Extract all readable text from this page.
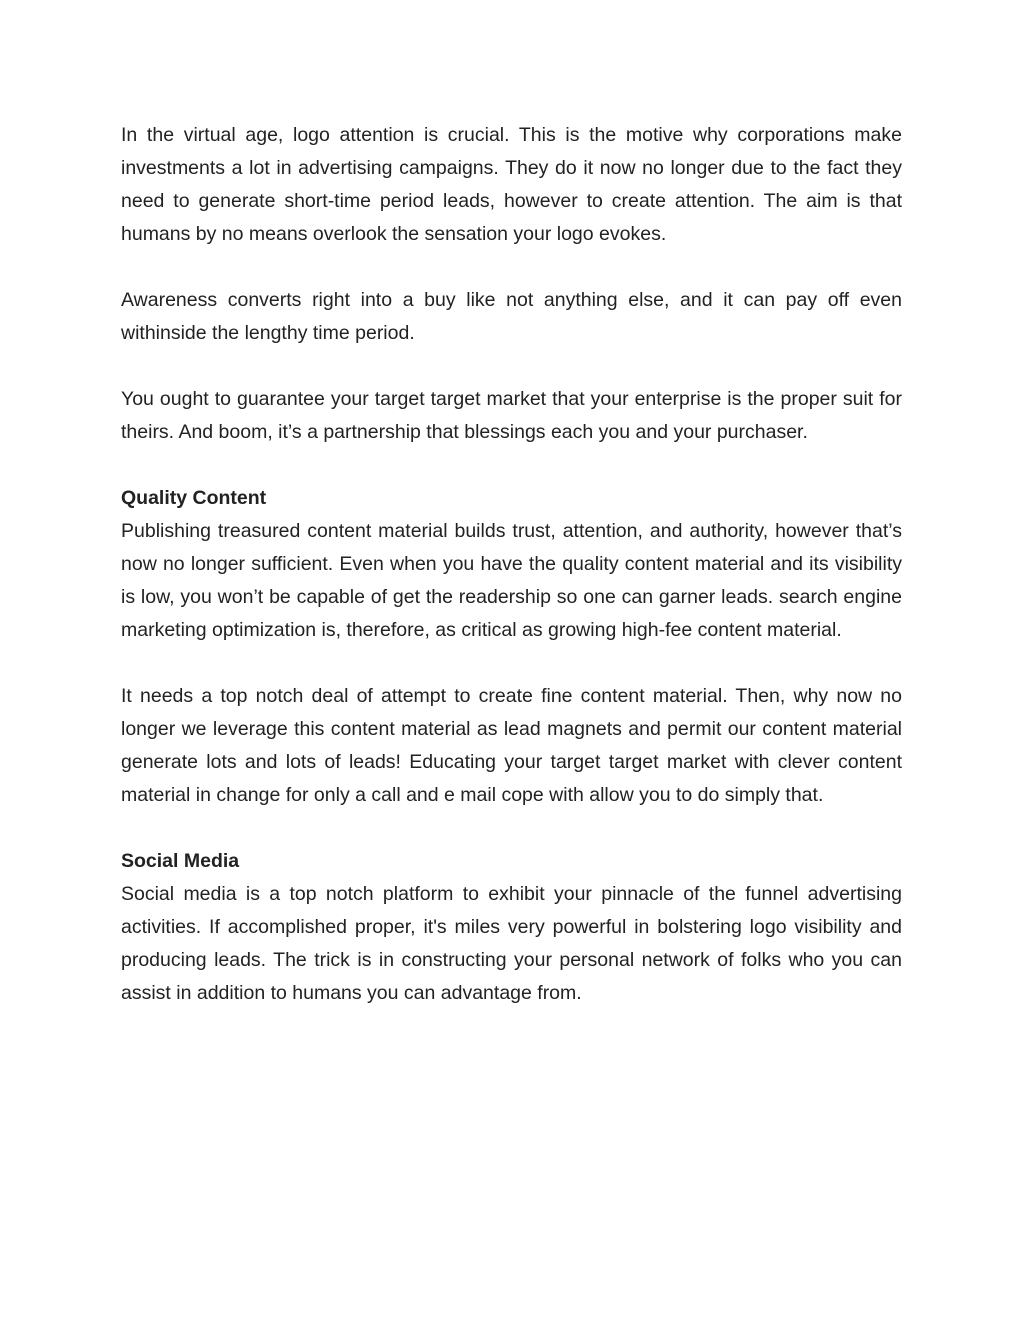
In the virtual age, logo attention is crucial. This is the motive why corporations make investments a lot in advertising campaigns. They do it now no longer due to the fact they need to generate short-time period leads, however to create attention. The aim is that humans by no means overlook the sensation your logo evokes.

Awareness converts right into a buy like not anything else, and it can pay off even withinside the lengthy time period.

You ought to guarantee your target target market that your enterprise is the proper suit for theirs. And boom, it’s a partnership that blessings each you and your purchaser.

Quality Content

Publishing treasured content material builds trust, attention, and authority, however that’s now no longer sufficient. Even when you have the quality content material and its visibility is low, you won’t be capable of get the readership so one can garner leads. search engine marketing optimization is, therefore, as critical as growing high-fee content material.

It needs a top notch deal of attempt to create fine content material. Then, why now no longer we leverage this content material as lead magnets and permit our content material generate lots and lots of leads! Educating your target target market with clever content material in change for only a call and e mail cope with allow you to do simply that.

Social Media

Social media is a top notch platform to exhibit your pinnacle of the funnel advertising activities. If accomplished proper, it's miles very powerful in bolstering logo visibility and producing leads. The trick is in constructing your personal network of folks who you can assist in addition to humans you can advantage from.
